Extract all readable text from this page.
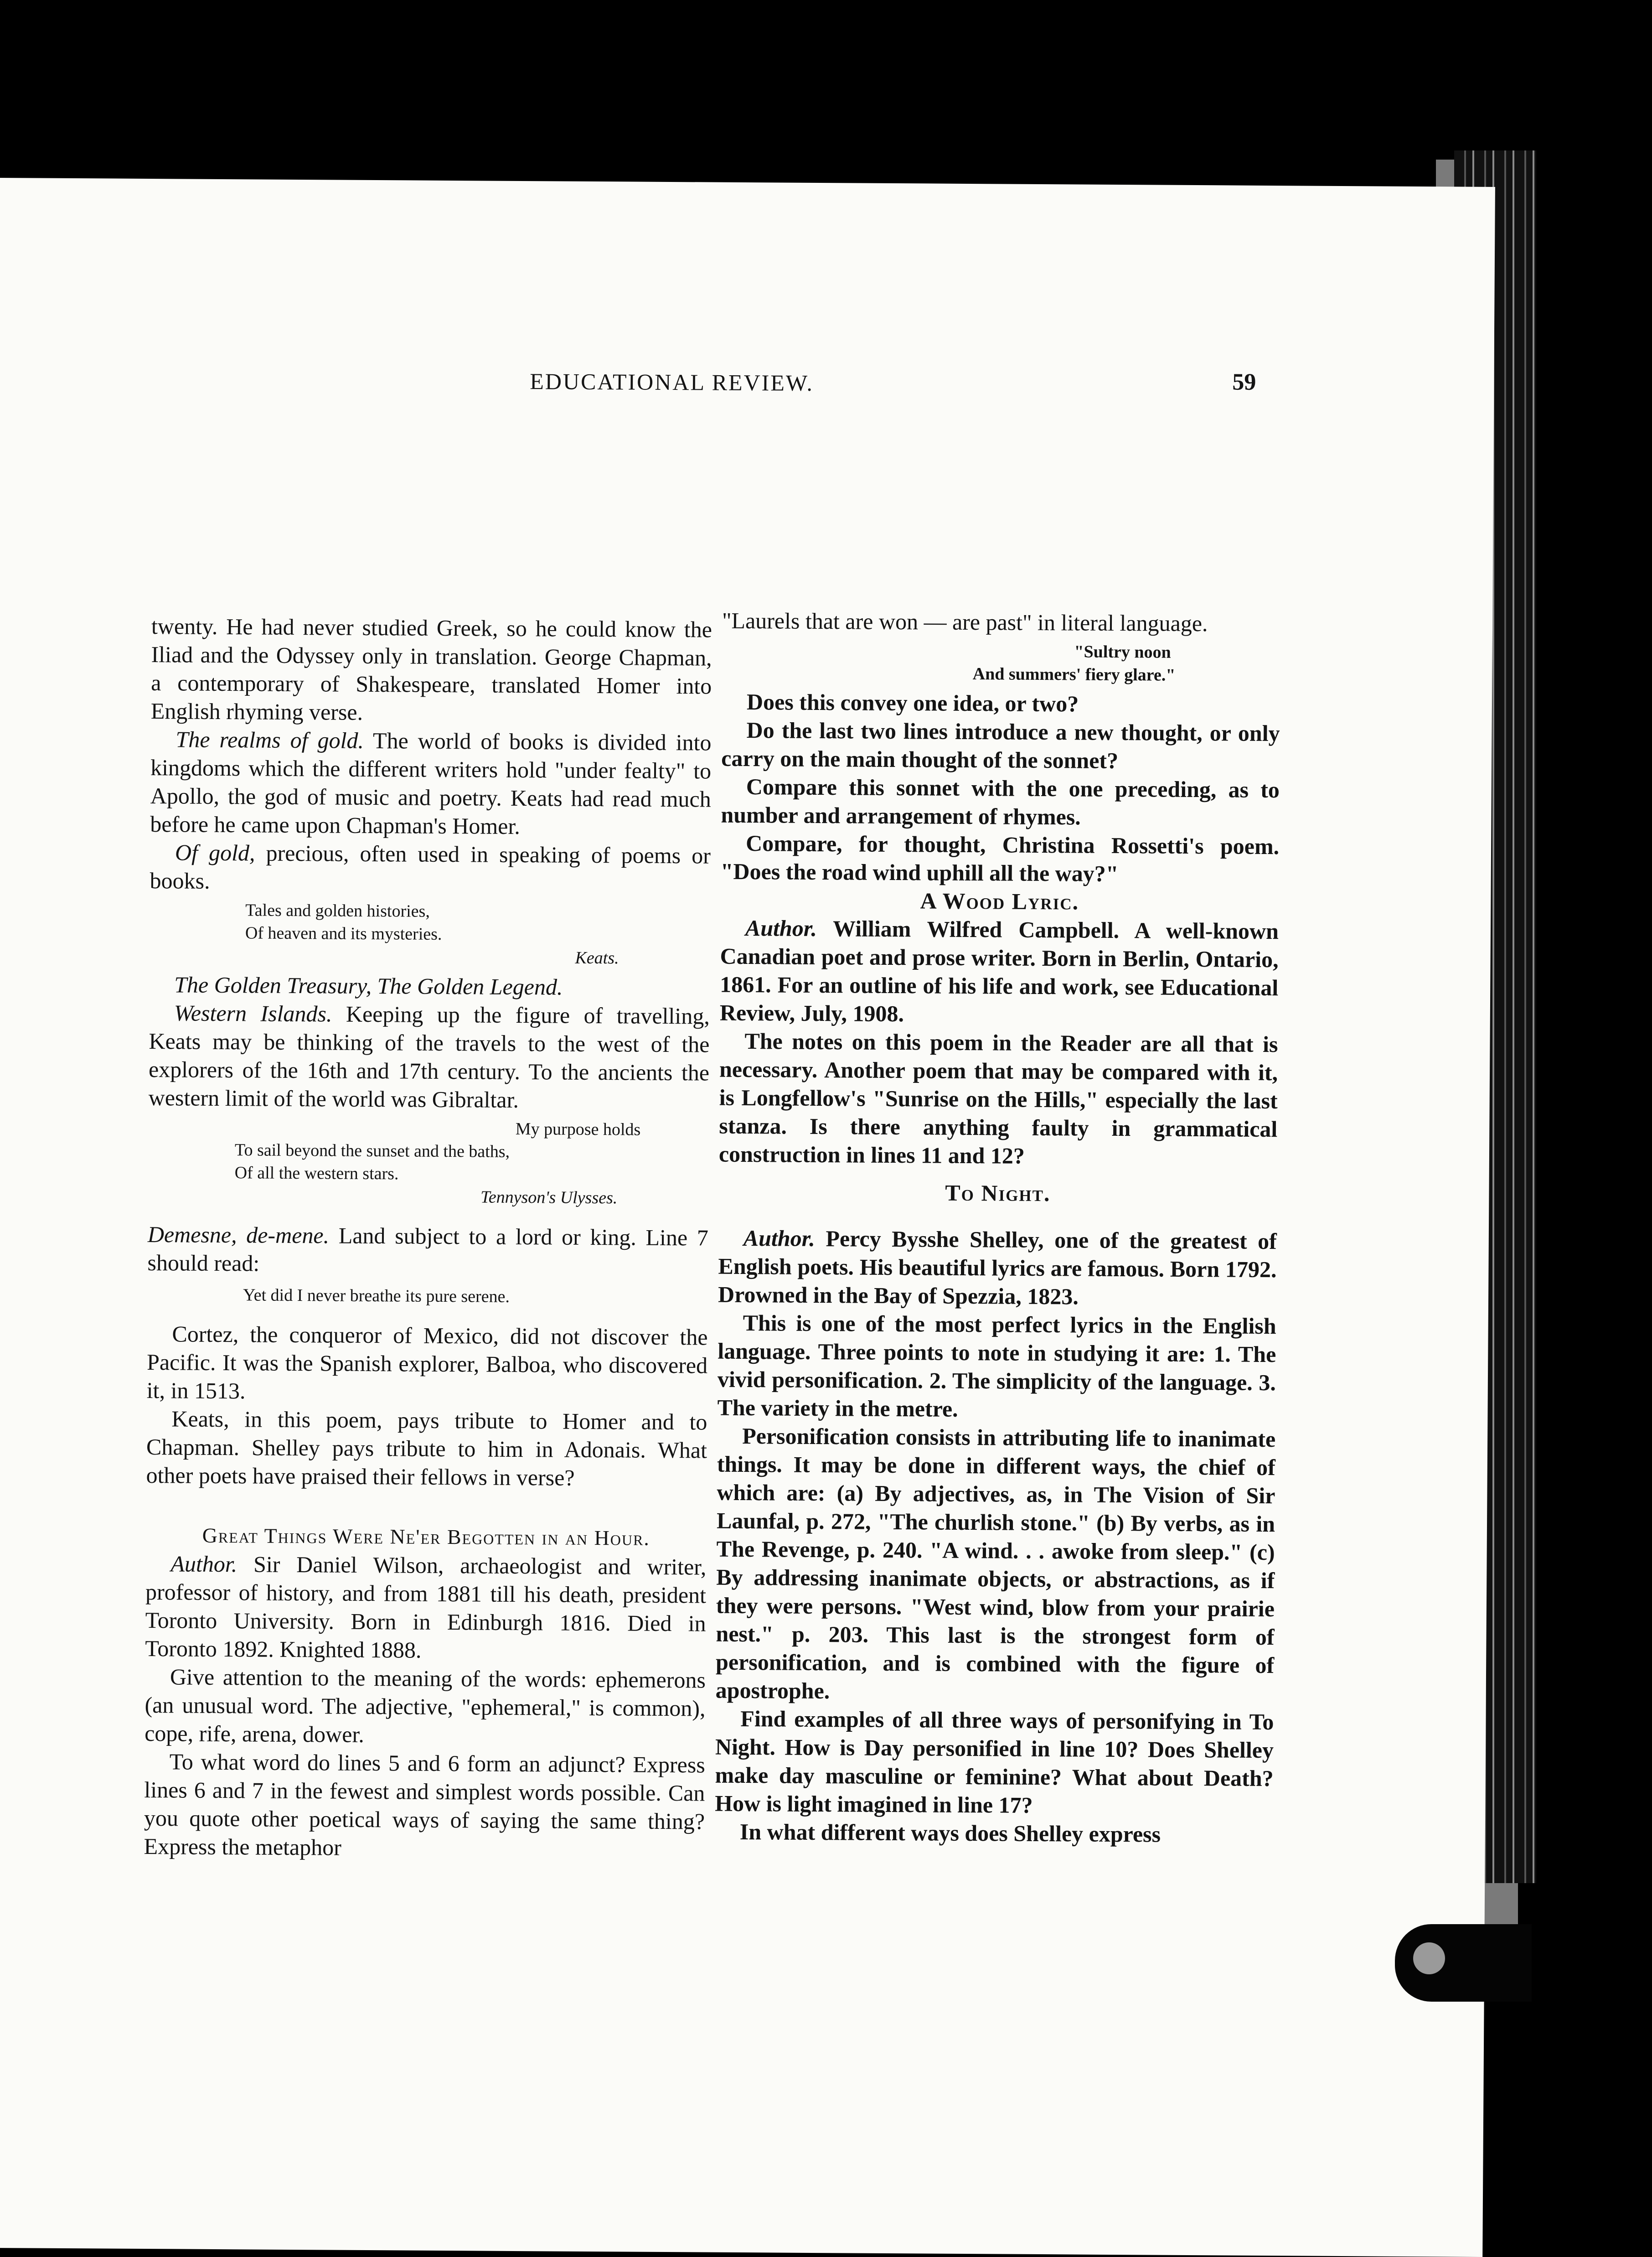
EDUCATIONAL REVIEW.	59

twenty. He had never studied Greek, so he could know the Iliad and the Odyssey only in translation. George Chapman, a contemporary of Shakespeare, translated Homer into English rhyming verse.

The realms of gold. The world of books is divided into kingdoms which the different writers hold "under fealty" to Apollo, the god of music and poetry. Keats had read much before he came upon Chapman's Homer.

Of gold, precious, often used in speaking of poems or books.

Tales and golden histories,
Of heaven and its mysteries.
Keats.

The Golden Treasury, The Golden Legend.

Western Islands. Keeping up the figure of travelling, Keats may be thinking of the travels to the west of the explorers of the 16th and 17th century. To the ancients the western limit of the world was Gibraltar.

My purpose holds
To sail beyond the sunset and the baths,
Of all the western stars.
Tennyson's Ulysses.

Demesne, de-mene. Land subject to a lord or king. Line 7 should read:

Yet did I never breathe its pure serene.

Cortez, the conqueror of Mexico, did not discover the Pacific. It was the Spanish explorer, Balboa, who discovered it, in 1513.

Keats, in this poem, pays tribute to Homer and to Chapman. Shelley pays tribute to him in Adonais. What other poets have praised their fellows in verse?

Great Things Were Ne'er Begotten in an Hour.

Author. Sir Daniel Wilson, archaeologist and writer, professor of history, and from 1881 till his death, president Toronto University. Born in Edinburgh 1816. Died in Toronto 1892. Knighted 1888.

Give attention to the meaning of the words: ephemerons (an unusual word. The adjective, "ephemeral," is common), cope, rife, arena, dower.

To what word do lines 5 and 6 form an adjunct? Express lines 6 and 7 in the fewest and simplest words possible. Can you quote other poetical ways of saying the same thing? Express the metaphor

"Laurels that are won — are past" in literal language.

"Sultry noon
And summers' fiery glare."

Does this convey one idea, or two?

Do the last two lines introduce a new thought, or only carry on the main thought of the sonnet?

Compare this sonnet with the one preceding, as to number and arrangement of rhymes.

Compare, for thought, Christina Rossetti's poem. "Does the road wind uphill all the way?"

A Wood Lyric.

Author. William Wilfred Campbell. A well-known Canadian poet and prose writer. Born in Berlin, Ontario, 1861. For an outline of his life and work, see Educational Review, July, 1908.

The notes on this poem in the Reader are all that is necessary. Another poem that may be compared with it, is Longfellow's "Sunrise on the Hills," especially the last stanza. Is there anything faulty in grammatical construction in lines 11 and 12?

To Night.

Author. Percy Bysshe Shelley, one of the greatest of English poets. His beautiful lyrics are famous. Born 1792. Drowned in the Bay of Spezzia, 1823.

This is one of the most perfect lyrics in the English language. Three points to note in studying it are: 1. The vivid personification. 2. The simplicity of the language. 3. The variety in the metre.

Personification consists in attributing life to inanimate things. It may be done in different ways, the chief of which are: (a) By adjectives, as, in The Vision of Sir Launfal, p. 272, "The churlish stone." (b) By verbs, as in The Revenge, p. 240. "A wind. . . awoke from sleep." (c) By addressing inanimate objects, or abstractions, as if they were persons. "West wind, blow from your prairie nest." p. 203. This last is the strongest form of personification, and is combined with the figure of apostrophe.

Find examples of all three ways of personifying in To Night. How is Day personified in line 10? Does Shelley make day masculine or feminine? What about Death? How is light imagined in line 17?

In what different ways does Shelley express
